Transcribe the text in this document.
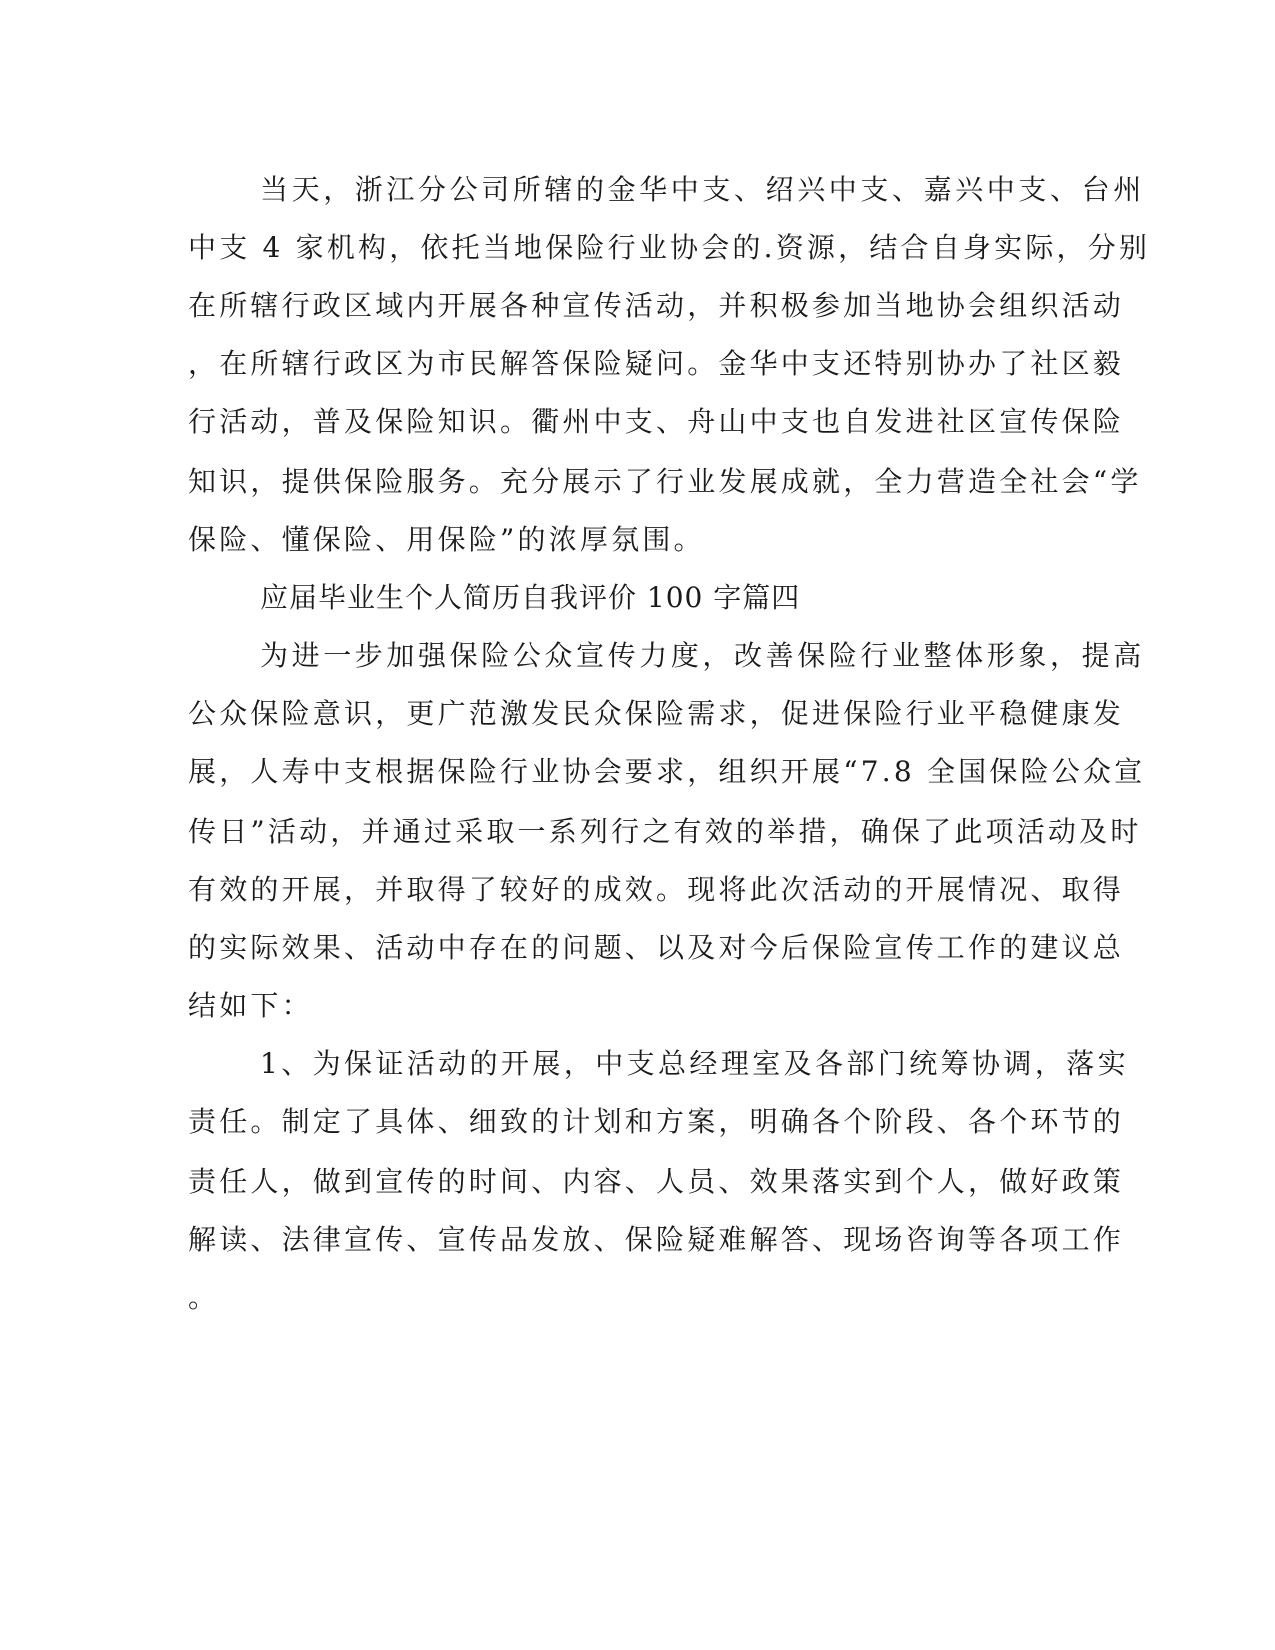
当天，浙江分公司所辖的金华中支、绍兴中支、嘉兴中支、台州
中支 4 家机构，依托当地保险行业协会的.资源，结合自身实际，分别
在所辖行政区域内开展各种宣传活动，并积极参加当地协会组织活动
，在所辖行政区为市民解答保险疑问。金华中支还特别协办了社区毅
行活动，普及保险知识。衢州中支、舟山中支也自发进社区宣传保险
知识，提供保险服务。充分展示了行业发展成就，全力营造全社会“学
保险、懂保险、用保险”的浓厚氛围。
应届毕业生个人简历自我评价 100 字篇四
为进一步加强保险公众宣传力度，改善保险行业整体形象，提高
公众保险意识，更广范激发民众保险需求，促进保险行业平稳健康发
展，人寿中支根据保险行业协会要求，组织开展“7.8 全国保险公众宣
传日”活动，并通过采取一系列行之有效的举措，确保了此项活动及时
有效的开展，并取得了较好的成效。现将此次活动的开展情况、取得
的实际效果、活动中存在的问题、以及对今后保险宣传工作的建议总
结如下：
1、为保证活动的开展，中支总经理室及各部门统筹协调，落实
责任。制定了具体、细致的计划和方案，明确各个阶段、各个环节的
责任人，做到宣传的时间、内容、人员、效果落实到个人，做好政策
解读、法律宣传、宣传品发放、保险疑难解答、现场咨询等各项工作
。
